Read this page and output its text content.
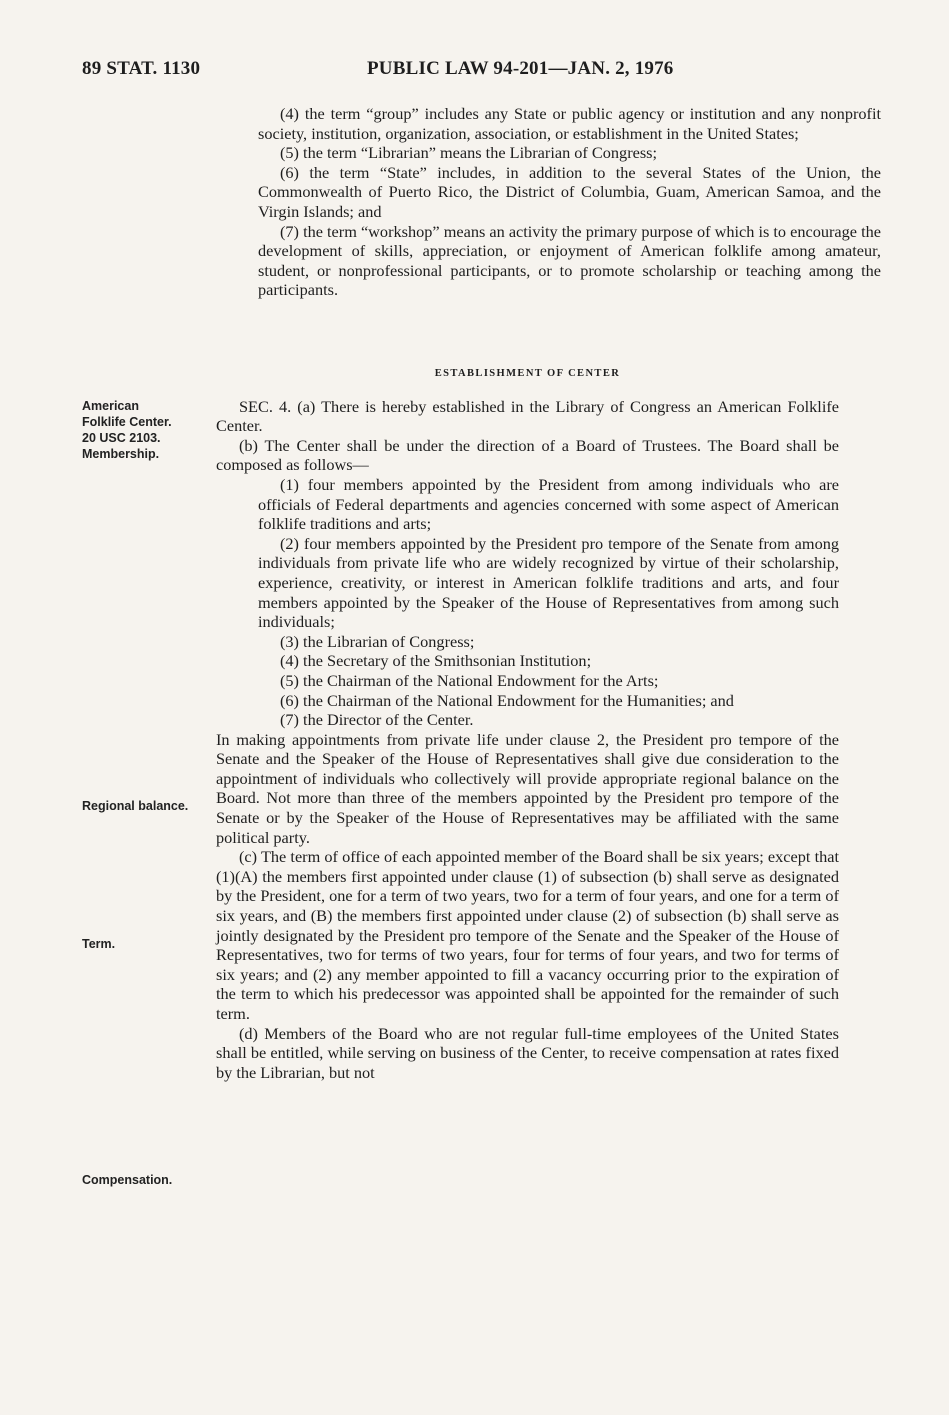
89 STAT. 1130	PUBLIC LAW 94-201—JAN. 2, 1976

(4) the term “group” includes any State or public agency or institution and any nonprofit society, institution, organization, association, or establishment in the United States;

(5) the term “Librarian” means the Librarian of Congress;

(6) the term “State” includes, in addition to the several States of the Union, the Commonwealth of Puerto Rico, the District of Columbia, Guam, American Samoa, and the Virgin Islands; and

(7) the term “workshop” means an activity the primary purpose of which is to encourage the development of skills, appreciation, or enjoyment of American folklife among amateur, student, or nonprofessional participants, or to promote scholarship or teaching among the participants.

ESTABLISHMENT OF CENTER

SEC. 4. (a) There is hereby established in the Library of Congress an American Folklife Center.

(b) The Center shall be under the direction of a Board of Trustees. The Board shall be composed as follows—

(1) four members appointed by the President from among individuals who are officials of Federal departments and agencies concerned with some aspect of American folklife traditions and arts;

(2) four members appointed by the President pro tempore of the Senate from among individuals from private life who are widely recognized by virtue of their scholarship, experience, creativity, or interest in American folklife traditions and arts, and four members appointed by the Speaker of the House of Representatives from among such individuals;

(3) the Librarian of Congress;

(4) the Secretary of the Smithsonian Institution;

(5) the Chairman of the National Endowment for the Arts;

(6) the Chairman of the National Endowment for the Humanities; and

(7) the Director of the Center.

In making appointments from private life under clause 2, the President pro tempore of the Senate and the Speaker of the House of Representatives shall give due consideration to the appointment of individuals who collectively will provide appropriate regional balance on the Board. Not more than three of the members appointed by the President pro tempore of the Senate or by the Speaker of the House of Representatives may be affiliated with the same political party.

(c) The term of office of each appointed member of the Board shall be six years; except that (1)(A) the members first appointed under clause (1) of subsection (b) shall serve as designated by the President, one for a term of two years, two for a term of four years, and one for a term of six years, and (B) the members first appointed under clause (2) of subsection (b) shall serve as jointly designated by the President pro tempore of the Senate and the Speaker of the House of Representatives, two for terms of two years, four for terms of four years, and two for terms of six years; and (2) any member appointed to fill a vacancy occurring prior to the expiration of the term to which his predecessor was appointed shall be appointed for the remainder of such term.

(d) Members of the Board who are not regular full-time employees of the United States shall be entitled, while serving on business of the Center, to receive compensation at rates fixed by the Librarian, but not

American
Folklife Center.
20 USC 2103.
Membership.
Regional balance.
Term.
Compensation.
